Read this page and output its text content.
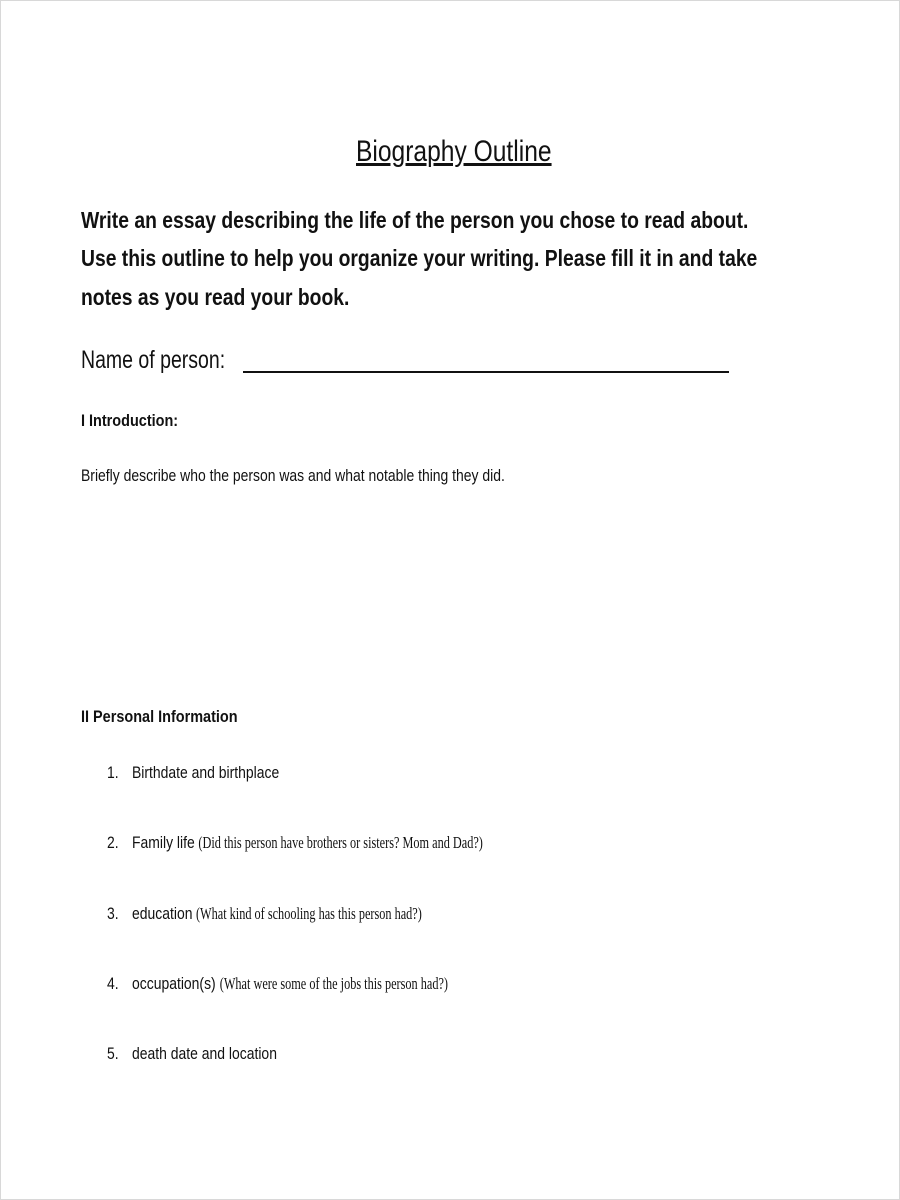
Biography Outline
Write an essay describing the life of the person you chose to read about.
Use this outline to help you organize your writing. Please fill it in and take
notes as you read your book.
Name of person:
I Introduction:
Briefly describe who the person was and what notable thing they did.
II Personal Information
1. Birthdate and birthplace
2. Family life (Did this person have brothers or sisters? Mom and Dad?)
3. education (What kind of schooling has this person had?)
4. occupation(s) (What were some of the jobs this person had?)
5. death date and location
